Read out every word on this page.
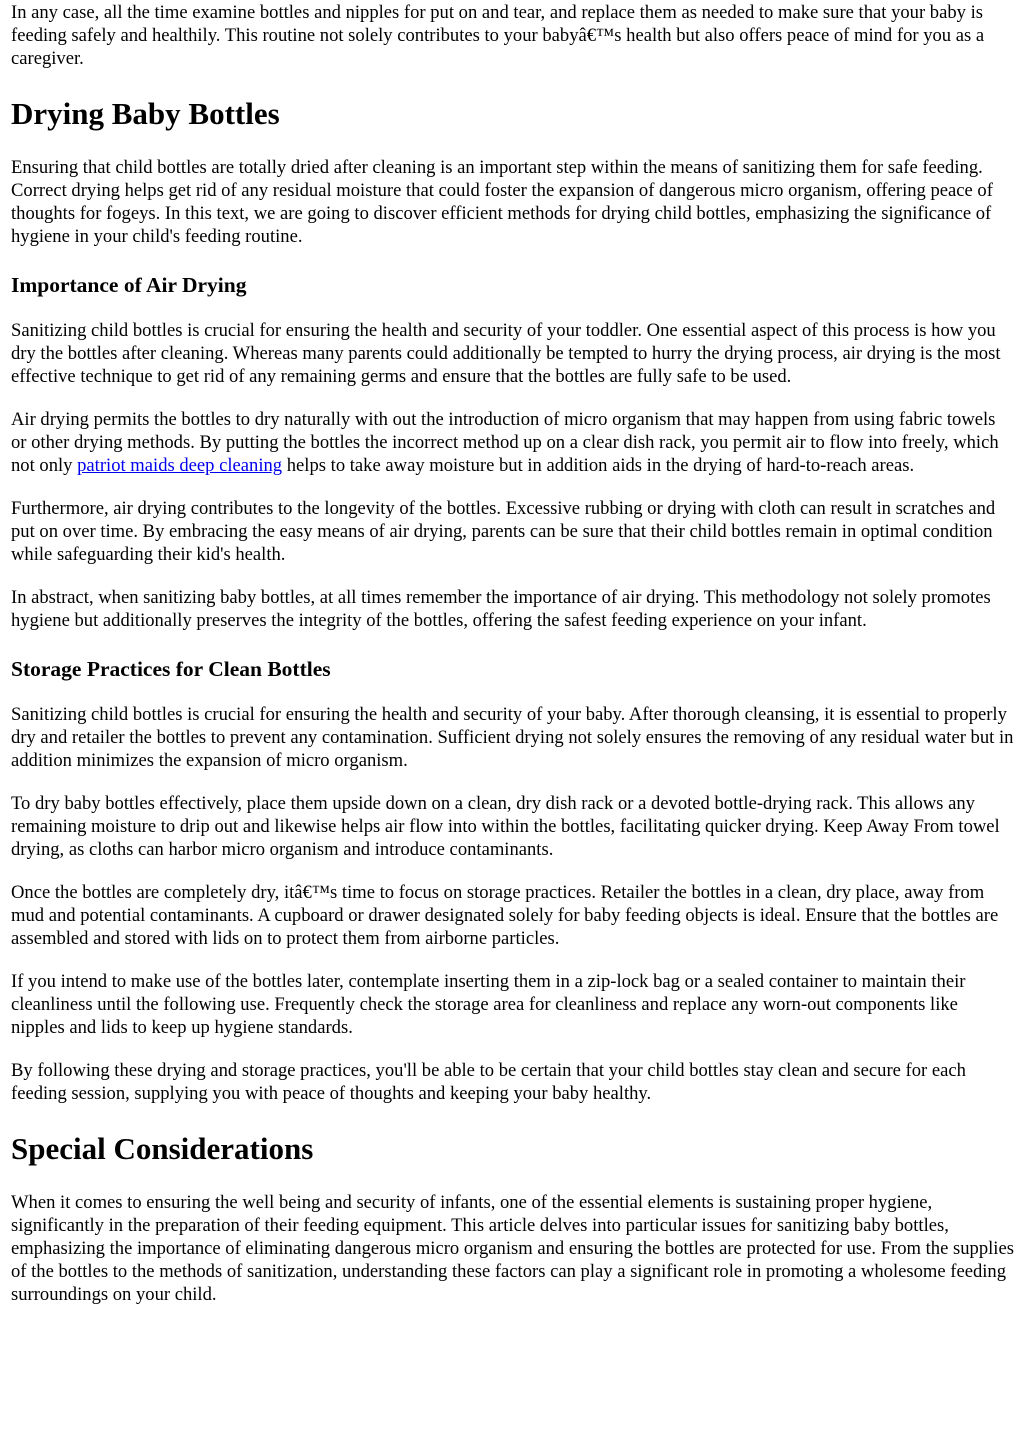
In any case, all the time examine bottles and nipples for put on and tear, and replace them as needed to make sure that your baby is feeding safely and healthily. This routine not solely contributes to your babyâ€™s health but also offers peace of mind for you as a caregiver.

Drying Baby Bottles

Ensuring that child bottles are totally dried after cleaning is an important step within the means of sanitizing them for safe feeding. Correct drying helps get rid of any residual moisture that could foster the expansion of dangerous micro organism, offering peace of thoughts for fogeys. In this text, we are going to discover efficient methods for drying child bottles, emphasizing the significance of hygiene in your child's feeding routine.

Importance of Air Drying

Sanitizing child bottles is crucial for ensuring the health and security of your toddler. One essential aspect of this process is how you dry the bottles after cleaning. Whereas many parents could additionally be tempted to hurry the drying process, air drying is the most effective technique to get rid of any remaining germs and ensure that the bottles are fully safe to be used.

Air drying permits the bottles to dry naturally with out the introduction of micro organism that may happen from using fabric towels or other drying methods. By putting the bottles the incorrect method up on a clear dish rack, you permit air to flow into freely, which not only patriot maids deep cleaning helps to take away moisture but in addition aids in the drying of hard-to-reach areas.

Furthermore, air drying contributes to the longevity of the bottles. Excessive rubbing or drying with cloth can result in scratches and put on over time. By embracing the easy means of air drying, parents can be sure that their child bottles remain in optimal condition while safeguarding their kid's health.

In abstract, when sanitizing baby bottles, at all times remember the importance of air drying. This methodology not solely promotes hygiene but additionally preserves the integrity of the bottles, offering the safest feeding experience on your infant.

Storage Practices for Clean Bottles

Sanitizing child bottles is crucial for ensuring the health and security of your baby. After thorough cleansing, it is essential to properly dry and retailer the bottles to prevent any contamination. Sufficient drying not solely ensures the removing of any residual water but in addition minimizes the expansion of micro organism.

To dry baby bottles effectively, place them upside down on a clean, dry dish rack or a devoted bottle-drying rack. This allows any remaining moisture to drip out and likewise helps air flow into within the bottles, facilitating quicker drying. Keep Away From towel drying, as cloths can harbor micro organism and introduce contaminants.

Once the bottles are completely dry, itâ€™s time to focus on storage practices. Retailer the bottles in a clean, dry place, away from mud and potential contaminants. A cupboard or drawer designated solely for baby feeding objects is ideal. Ensure that the bottles are assembled and stored with lids on to protect them from airborne particles.

If you intend to make use of the bottles later, contemplate inserting them in a zip-lock bag or a sealed container to maintain their cleanliness until the following use. Frequently check the storage area for cleanliness and replace any worn-out components like nipples and lids to keep up hygiene standards.

By following these drying and storage practices, you'll be able to be certain that your child bottles stay clean and secure for each feeding session, supplying you with peace of thoughts and keeping your baby healthy.

Special Considerations

When it comes to ensuring the well being and security of infants, one of the essential elements is sustaining proper hygiene, significantly in the preparation of their feeding equipment. This article delves into particular issues for sanitizing baby bottles, emphasizing the importance of eliminating dangerous micro organism and ensuring the bottles are protected for use. From the supplies of the bottles to the methods of sanitization, understanding these factors can play a significant role in promoting a wholesome feeding surroundings on your child.
